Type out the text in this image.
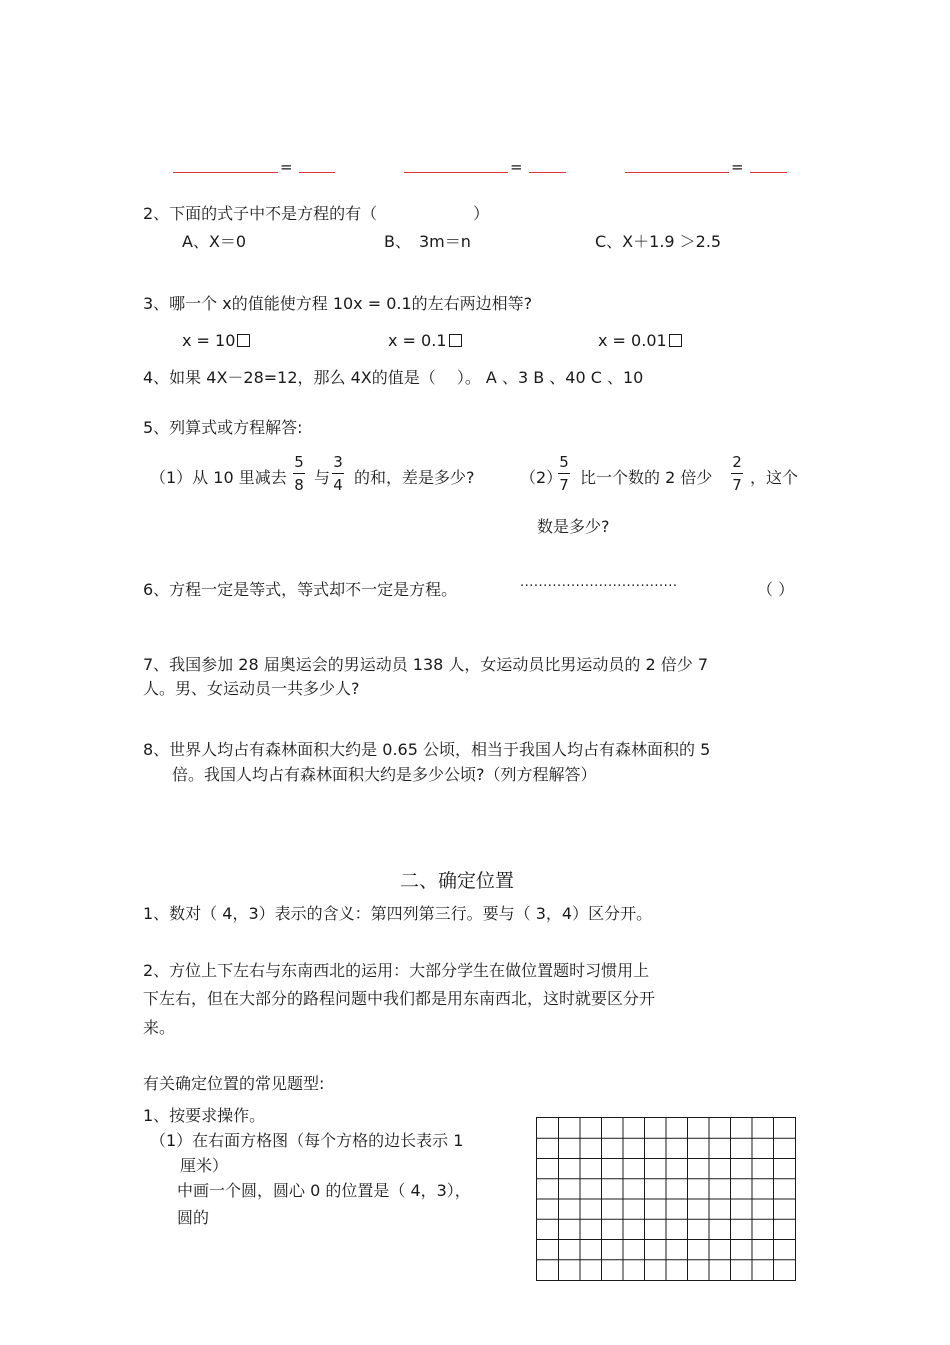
=	=	=
2、下面的式子中不是方程的有（　　　　　　）
A、X＝0	B、　3m＝n	C、X＋1.9 ＞2.5
3、哪一个 x的值能使方程 10x = 0.1的左右两边相等?
x = 10	x = 0.1	x = 0.01
4、如果 4X－28=12，那么 4X的值是（　 ）。 A 、3 B 、40 C 、10
5、列算式或方程解答:
（1）从 10 里减去
5
8 与
3
4 的和，差是多少?	（2）
5
7 比一个数的 2 倍少
2
7 ，这个
数是多少?
6、方程一定是等式，等式却不一定是方程。	··································	（ ）
7、我国参加 28 届奥运会的男运动员 138 人，女运动员比男运动员的 2 倍少 7
人。男、女运动员一共多少人?
8、世界人均占有森林面积大约是 0.65 公顷，相当于我国人均占有森林面积的 5
倍。我国人均占有森林面积大约是多少公顷?（列方程解答）
二、确定位置
1、数对（ 4，3）表示的含义：第四列第三行。要与（ 3，4）区分开。
2、方位上下左右与东南西北的运用：大部分学生在做位置题时习惯用上
下左右，但在大部分的路程问题中我们都是用东南西北，这时就要区分开
来。
有关确定位置的常见题型:
1、按要求操作。
（1）在右面方格图（每个方格的边长表示 1
厘米）
中画一个圆，圆心 0 的位置是（ 4，3），
圆的
